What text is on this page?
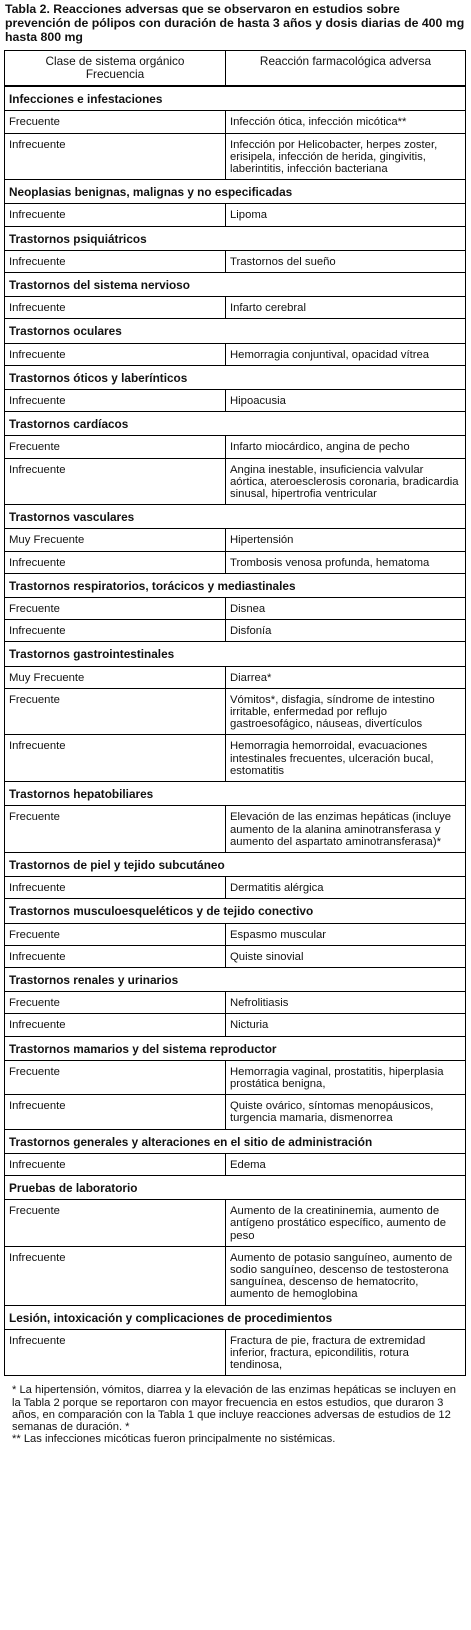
Tabla 2. Reacciones adversas que se observaron en estudios sobre prevención de pólipos con duración de hasta 3 años y dosis diarias de 400 mg hasta 800 mg
Clase de sistema orgánico
Frecuencia	Reacción farmacológica adversa
Infecciones e infestaciones	
Frecuente	Infección ótica, infección micótica**
Infrecuente	Infección por Helicobacter, herpes zoster, erisipela, infección de herida, gingivitis, laberintitis, infección bacteriana
Neoplasias benignas, malignas y no especificadas	
Infrecuente	Lipoma
Trastornos psiquiátricos	
Infrecuente	Trastornos del sueño
Trastornos del sistema nervioso	
Infrecuente	Infarto cerebral
Trastornos oculares	
Infrecuente	Hemorragia conjuntival, opacidad vítrea
Trastornos óticos y laberínticos	
Infrecuente	Hipoacusia
Trastornos cardíacos	
Frecuente	Infarto miocárdico, angina de pecho
Infrecuente	Angina inestable, insuficiencia valvular aórtica, ateroesclerosis coronaria, bradicardia sinusal, hipertrofia ventricular
Trastornos vasculares	
Muy Frecuente	Hipertensión
Infrecuente	Trombosis venosa profunda, hematoma
Trastornos respiratorios, torácicos y mediastinales	
Frecuente	Disnea
Infrecuente	Disfonía
Trastornos gastrointestinales	
Muy Frecuente	Diarrea*
Frecuente	Vómitos*, disfagia, síndrome de intestino irritable, enfermedad por reflujo gastroesofágico, náuseas, divertículos
Infrecuente	Hemorragia hemorroidal, evacuaciones intestinales frecuentes, ulceración bucal, estomatitis
Trastornos hepatobiliares	
Frecuente	Elevación de las enzimas hepáticas (incluye aumento de la alanina aminotransferasa y aumento del aspartato aminotransferasa)*
Trastornos de piel y tejido subcutáneo	
Infrecuente	Dermatitis alérgica
Trastornos musculoesqueléticos y de tejido conectivo	
Frecuente	Espasmo muscular
Infrecuente	Quiste sinovial
Trastornos renales y urinarios	
Frecuente	Nefrolitiasis
Infrecuente	Nicturia
Trastornos mamarios y del sistema reproductor	
Frecuente	Hemorragia vaginal, prostatitis, hiperplasia prostática benigna,
Infrecuente	Quiste ovárico, síntomas menopáusicos, turgencia mamaria, dismenorrea
Trastornos generales y alteraciones en el sitio de administración	
Infrecuente	Edema
Pruebas de laboratorio	
Frecuente	Aumento de la creatininemia, aumento de antígeno prostático específico, aumento de peso
Infrecuente	Aumento de potasio sanguíneo, aumento de sodio sanguíneo, descenso de testosterona sanguínea, descenso de hematocrito, aumento de hemoglobina
Lesión, intoxicación y complicaciones de procedimientos	
Infrecuente	Fractura de pie, fractura de extremidad inferior, fractura, epicondilitis, rotura tendinosa,

* La hipertensión, vómitos, diarrea y la elevación de las enzimas hepáticas se incluyen en la Tabla 2 porque se reportaron con mayor frecuencia en estos estudios, que duraron 3 años, en comparación con la Tabla 1 que incluye reacciones adversas de estudios de 12 semanas de duración. *

** Las infecciones micóticas fueron principalmente no sistémicas.
